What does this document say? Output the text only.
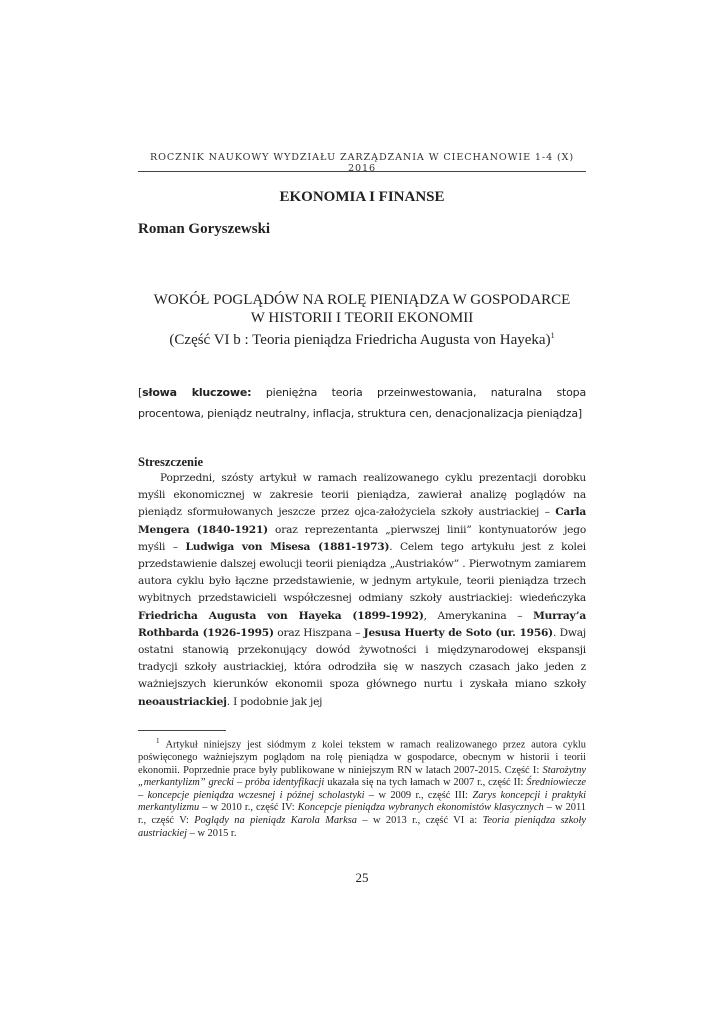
ROCZNIK NAUKOWY WYDZIAŁU ZARZĄDZANIA W CIECHANOWIE 1-4 (X) 2016
EKONOMIA I FINANSE
Roman Goryszewski
WOKÓŁ POGLĄDÓW NA ROLĘ PIENIĄDZA W GOSPODARCE
W HISTORII I TEORII EKONOMII
(Część VI b : Teoria pieniądza Friedricha Augusta von Hayeka)$^1$
[słowa kluczowe: pieniężna teoria przeinwestowania, naturalna stopa procentowa, pieniądz neutralny, inflacja, struktura cen, denacjonalizacja pieniądza]
Streszczenie

Poprzedni, szósty artykuł w ramach realizowanego cyklu prezentacji dorobku myśli ekonomicznej w zakresie teorii pieniądza, zawierał analizę poglądów na pieniądz sformułowanych jeszcze przez ojca-założyciela szkoły austriackiej – Carla Mengera (1840-1921) oraz reprezentanta „pierwszej linii” kontynuatorów jego myśli – Ludwiga von Misesa (1881-1973). Celem tego artykułu jest z kolei przedstawienie dalszej ewolucji teorii pieniądza „Austriaków” . Pierwotnym zamiarem autora cyklu było łączne przedstawienie, w jednym artykule, teorii pieniądza trzech wybitnych przedstawicieli współczesnej odmiany szkoły austriackiej: wiedeńczyka Friedricha Augusta von Hayeka (1899-1992), Amerykanina – Murray’a Rothbarda (1926-1995) oraz Hiszpana – Jesusa Huerty de Soto (ur. 1956). Dwaj ostatni stanowią przekonujący dowód żywotności i międzynarodowej ekspansji tradycji szkoły austriackiej, która odrodziła się w naszych czasach jako jeden z ważniejszych kierunków ekonomii spoza głównego nurtu i zyskała miano szkoły neoaustriackiej. I podobnie jak jej

$^1$ Artykuł niniejszy jest siódmym z kolei tekstem w ramach realizowanego przez autora cyklu poświęconego ważniejszym poglądom na rolę pieniądza w gospodarce, obecnym w historii i teorii ekonomii. Poprzednie prace były publikowane w niniejszym RN w latach 2007-2015. Część I: Starożytny „merkantylizm” grecki – próba identyfikacji ukazała się na tych łamach w 2007 r., część II: Średniowiecze – koncepcje pieniądza wczesnej i późnej scholastyki – w 2009 r., część III: Zarys koncepcji i praktyki merkantylizmu – w 2010 r., część IV: Koncepcje pieniądza wybranych ekonomistów klasycznych – w 2011 r., część V: Poglądy na pieniądz Karola Marksa – w 2013 r., część VI a: Teoria pieniądza szkoły austriackiej – w 2015 r.

25
